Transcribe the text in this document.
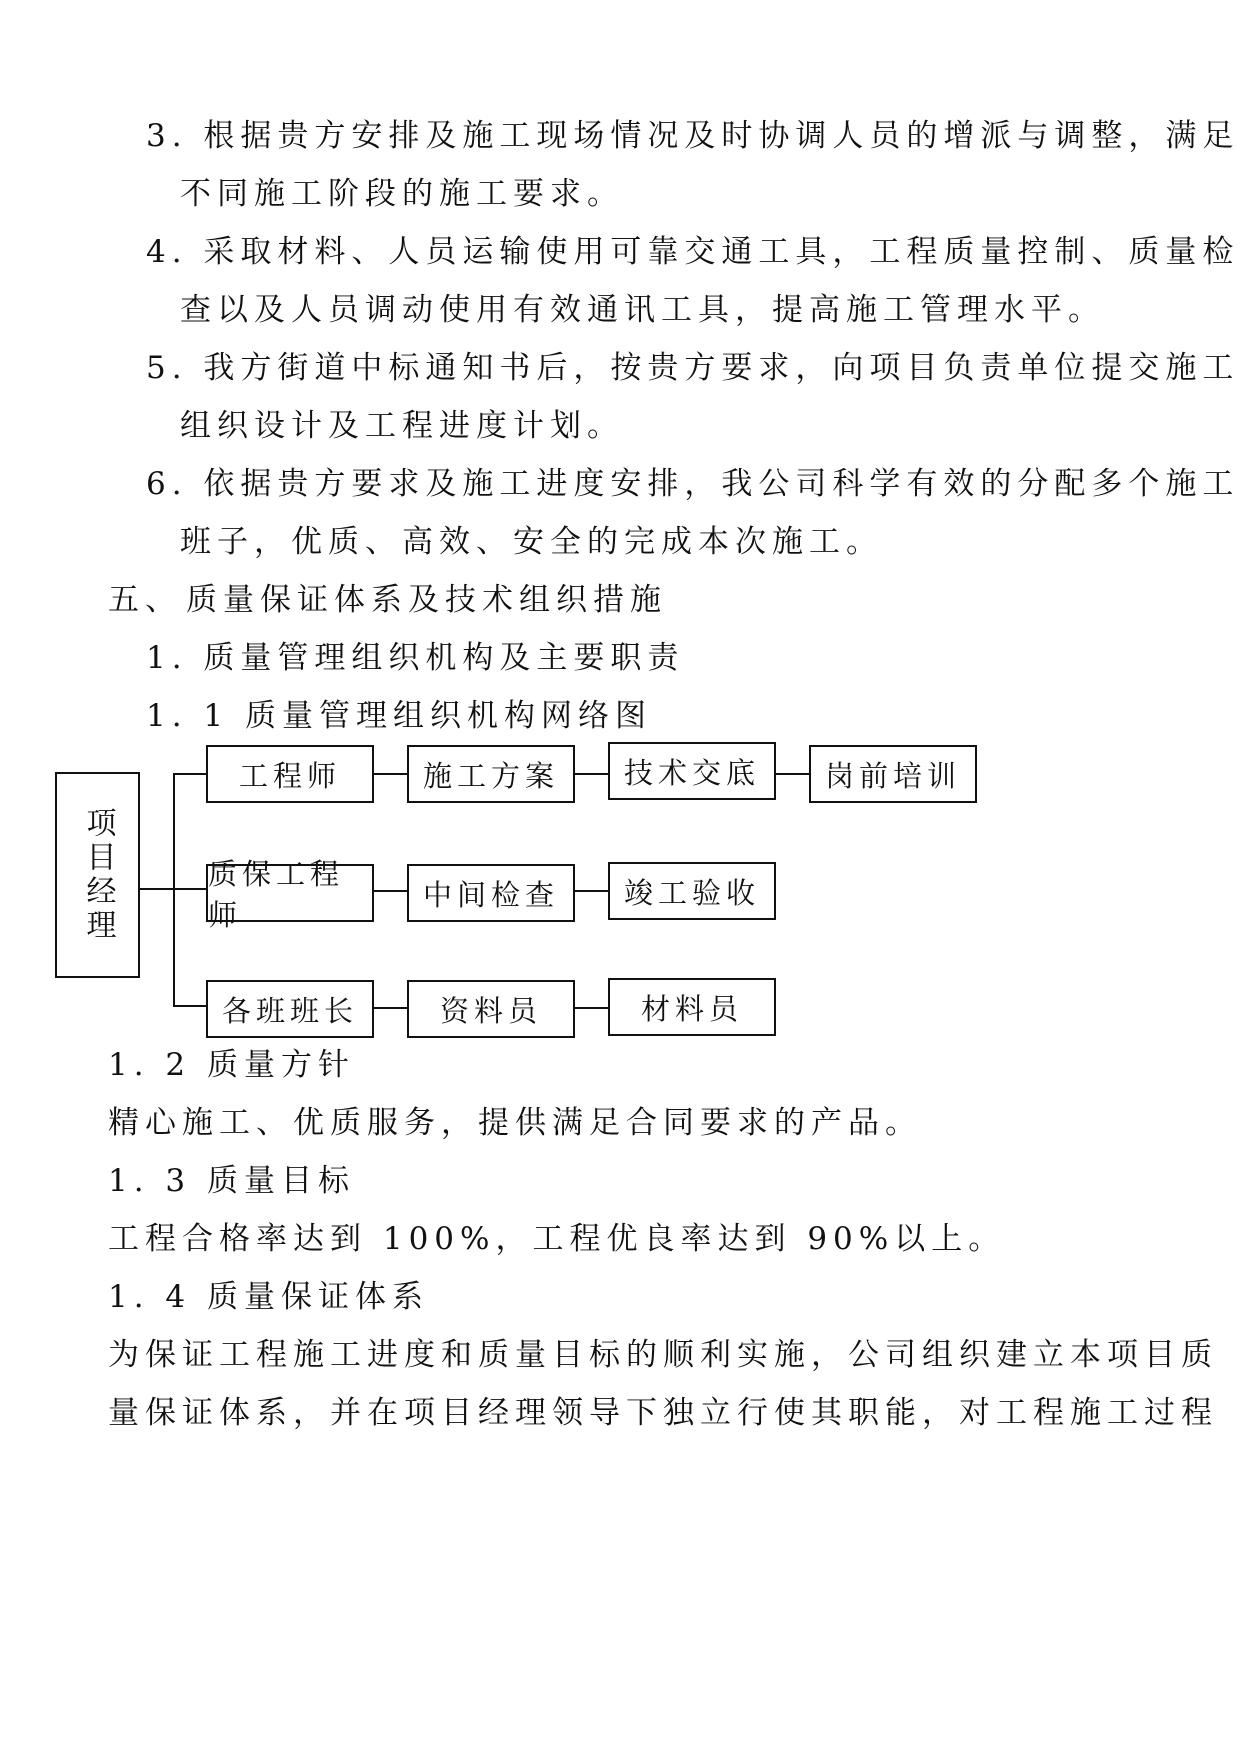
3. 根据贵方安排及施工现场情况及时协调人员的增派与调整，满足
不同施工阶段的施工要求。
4. 采取材料、人员运输使用可靠交通工具，工程质量控制、质量检
查以及人员调动使用有效通讯工具，提高施工管理水平。
5. 我方街道中标通知书后，按贵方要求，向项目负责单位提交施工
组织设计及工程进度计划。
6. 依据贵方要求及施工进度安排，我公司科学有效的分配多个施工
班子，优质、高效、安全的完成本次施工。
五、 质量保证体系及技术组织措施
1. 质量管理组织机构及主要职责
1. 1 质量管理组织机构网络图
项目经理
工程师	施工方案	技术交底	岗前培训
质保工程师
中间检查	竣工验收
各班班长	资料员	材料员
1. 2 质量方针
精心施工、优质服务，提供满足合同要求的产品。
1. 3 质量目标
工程合格率达到 100%，工程优良率达到 90%以上。
1. 4 质量保证体系
为保证工程施工进度和质量目标的顺利实施，公司组织建立本项目质
量保证体系，并在项目经理领导下独立行使其职能，对工程施工过程
